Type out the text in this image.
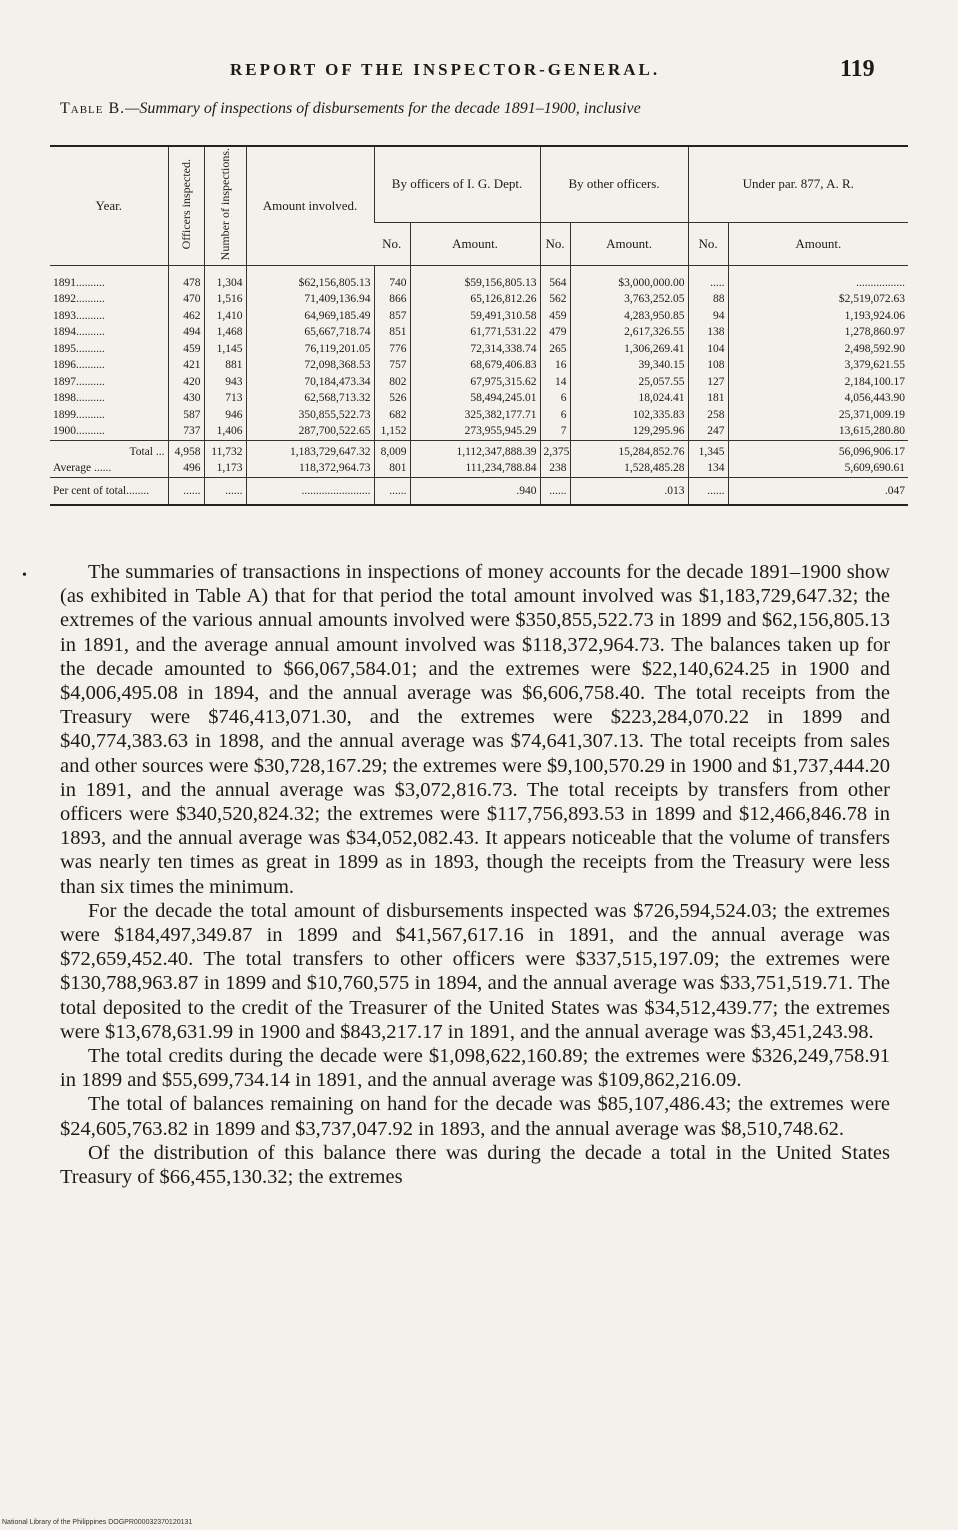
REPORT OF THE INSPECTOR-GENERAL.	119
Table B.—Summary of inspections of disbursements for the decade 1891–1900, inclusive
Year.	Officers inspected.	Number of inspections.	Amount involved.	By officers of I. G. Dept.		By other officers.		Under par. 877, A. R.	
				No.	Amount.	No.	Amount.	No.	Amount.
1891..........	478	1,304	$62,156,805.13	740	$59,156,805.13	564	$3,000,000.00	.....	.................
1892..........	470	1,516	71,409,136.94	866	65,126,812.26	562	3,763,252.05	88	$2,519,072.63
1893..........	462	1,410	64,969,185.49	857	59,491,310.58	459	4,283,950.85	94	1,193,924.06
1894..........	494	1,468	65,667,718.74	851	61,771,531.22	479	2,617,326.55	138	1,278,860.97
1895..........	459	1,145	76,119,201.05	776	72,314,338.74	265	1,306,269.41	104	2,498,592.90
1896..........	421	881	72,098,368.53	757	68,679,406.83	16	39,340.15	108	3,379,621.55
1897..........	420	943	70,184,473.34	802	67,975,315.62	14	25,057.55	127	2,184,100.17
1898..........	430	713	62,568,713.32	526	58,494,245.01	6	18,024.41	181	4,056,443.90
1899..........	587	946	350,855,522.73	682	325,382,177.71	6	102,335.83	258	25,371,009.19
1900..........	737	1,406	287,700,522.65	1,152	273,955,945.29	7	129,295.96	247	13,615,280.80
Total ...	4,958	11,732	1,183,729,647.32	8,009	1,112,347,888.39	2,375	15,284,852.76	1,345	56,096,906.17
Average ......	496	1,173	118,372,964.73	801	111,234,788.84	238	1,528,485.28	134	5,609,690.61
Per cent of total........	......	......	........................	......	.940	......	.013	......	.047
•	The summaries of transactions in inspections of money accounts for the decade 1891–1900 show (as exhibited in Table A) that for that period the total amount involved was $1,183,729,647.32; the extremes of the various annual amounts involved were $350,855,522.73 in 1899 and $62,156,805.13 in 1891, and the average annual amount involved was $118,372,964.73. The balances taken up for the decade amounted to $66,067,584.01; and the extremes were $22,140,624.25 in 1900 and $4,006,495.08 in 1894, and the annual average was $6,606,758.40. The total receipts from the Treasury were $746,413,071.30, and the extremes were $223,284,070.22 in 1899 and $40,774,383.63 in 1898, and the annual average was $74,641,307.13. The total receipts from sales and other sources were $30,728,167.29; the extremes were $9,100,570.29 in 1900 and $1,737,444.20 in 1891, and the annual average was $3,072,816.73. The total receipts by transfers from other officers were $340,520,824.32; the extremes were $117,756,893.53 in 1899 and $12,466,846.78 in 1893, and the annual average was $34,052,082.43. It appears noticeable that the volume of transfers was nearly ten times as great in 1899 as in 1893, though the receipts from the Treasury were less than six times the minimum.

For the decade the total amount of disbursements inspected was $726,594,524.03; the extremes were $184,497,349.87 in 1899 and $41,567,617.16 in 1891, and the annual average was $72,659,452.40. The total transfers to other officers were $337,515,197.09; the extremes were $130,788,963.87 in 1899 and $10,760,575 in 1894, and the annual average was $33,751,519.71. The total deposited to the credit of the Treasurer of the United States was $34,512,439.77; the extremes were $13,678,631.99 in 1900 and $843,217.17 in 1891, and the annual average was $3,451,243.98.

The total credits during the decade were $1,098,622,160.89; the extremes were $326,249,758.91 in 1899 and $55,699,734.14 in 1891, and the annual average was $109,862,216.09.

The total of balances remaining on hand for the decade was $85,107,486.43; the extremes were $24,605,763.82 in 1899 and $3,737,047.92 in 1893, and the annual average was $8,510,748.62.

Of the distribution of this balance there was during the decade a total in the United States Treasury of $66,455,130.32; the extremes

National Library of the Philippines DOGPR000032370120131
